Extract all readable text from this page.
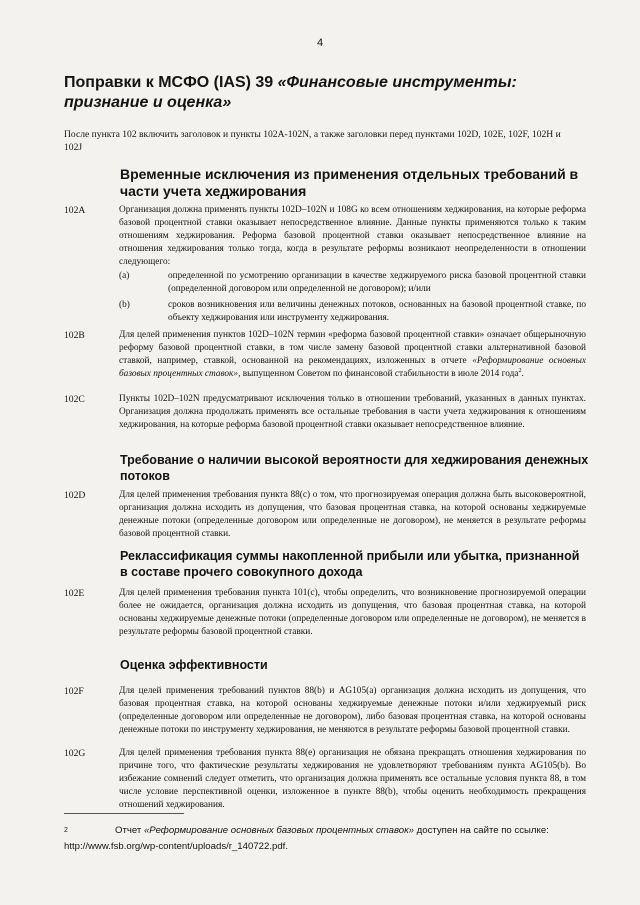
4
Поправки к МСФО (IAS) 39 «Финансовые инструменты: признание и оценка»

После пункта 102 включить заголовок и пункты 102A-102N, а также заголовки перед пунктами 102D, 102E, 102F, 102H и 102J

Временные исключения из применения отдельных требований в части учета хеджирования
102A	Организация должна применять пункты 102D–102N и 108G ко всем отношениям хеджирования, на которые реформа базовой процентной ставки оказывает непосредственное влияние. Данные пункты применяются только к таким отношениям хеджирования. Реформа базовой процентной ставки оказывает непосредственное влияние на отношения хеджирования только тогда, когда в результате реформы возникают неопределенности в отношении следующего:

(a)	определенной по усмотрению организации в качестве хеджируемого риска базовой процентной ставки (определенной договором или определенной не договором); и/или

(b)	сроков возникновения или величины денежных потоков, основанных на базовой процентной ставке, по объекту хеджирования или инструменту хеджирования.

102B	Для целей применения пунктов 102D–102N термин «реформа базовой процентной ставки» означает общерыночную реформу базовой процентной ставки, в том числе замену базовой процентной ставки альтернативной базовой ставкой, например, ставкой, основанной на рекомендациях, изложенных в отчете «Реформирование основных базовых процентных ставок», выпущенном Советом по финансовой стабильности в июле 2014 года$^2$.

102C	Пункты 102D–102N предусматривают исключения только в отношении требований, указанных в данных пунктах. Организация должна продолжать применять все остальные требования в части учета хеджирования к отношениям хеджирования, на которые реформа базовой процентной ставки оказывает непосредственное влияние.

Требование о наличии высокой вероятности для хеджирования денежных потоков
102D	Для целей применения требования пункта 88(c) о том, что прогнозируемая операция должна быть высоковероятной, организация должна исходить из допущения, что базовая процентная ставка, на которой основаны хеджируемые денежные потоки (определенные договором или определенные не договором), не меняется в результате реформы базовой процентной ставки.

Реклассификация суммы накопленной прибыли или убытка, признанной в составе прочего совокупного дохода
102E	Для целей применения требования пункта 101(c), чтобы определить, что возникновение прогнозируемой операции более не ожидается, организация должна исходить из допущения, что базовая процентная ставка, на которой основаны хеджируемые денежные потоки (определенные договором или определенные не договором), не меняется в результате реформы базовой процентной ставки.

Оценка эффективности
102F	Для целей применения требований пунктов 88(b) и AG105(a) организация должна исходить из допущения, что базовая процентная ставка, на которой основаны хеджируемые денежные потоки и/или хеджируемый риск (определенные договором или определенные не договором), либо базовая процентная ставка, на которой основаны денежные потоки по инструменту хеджирования, не меняются в результате реформы базовой процентной ставки.

102G	Для целей применения требования пункта 88(e) организация не обязана прекращать отношения хеджирования по причине того, что фактические результаты хеджирования не удовлетворяют требованиям пункта AG105(b). Во избежание сомнений следует отметить, что организация должна применять все остальные условия пункта 88, в том числе условие перспективной оценки, изложенное в пункте 88(b), чтобы оценить необходимость прекращения отношений хеджирования.

2	Отчет «Реформирование основных базовых процентных ставок» доступен на сайте по ссылке:
http://www.fsb.org/wp-content/uploads/r_140722.pdf.
